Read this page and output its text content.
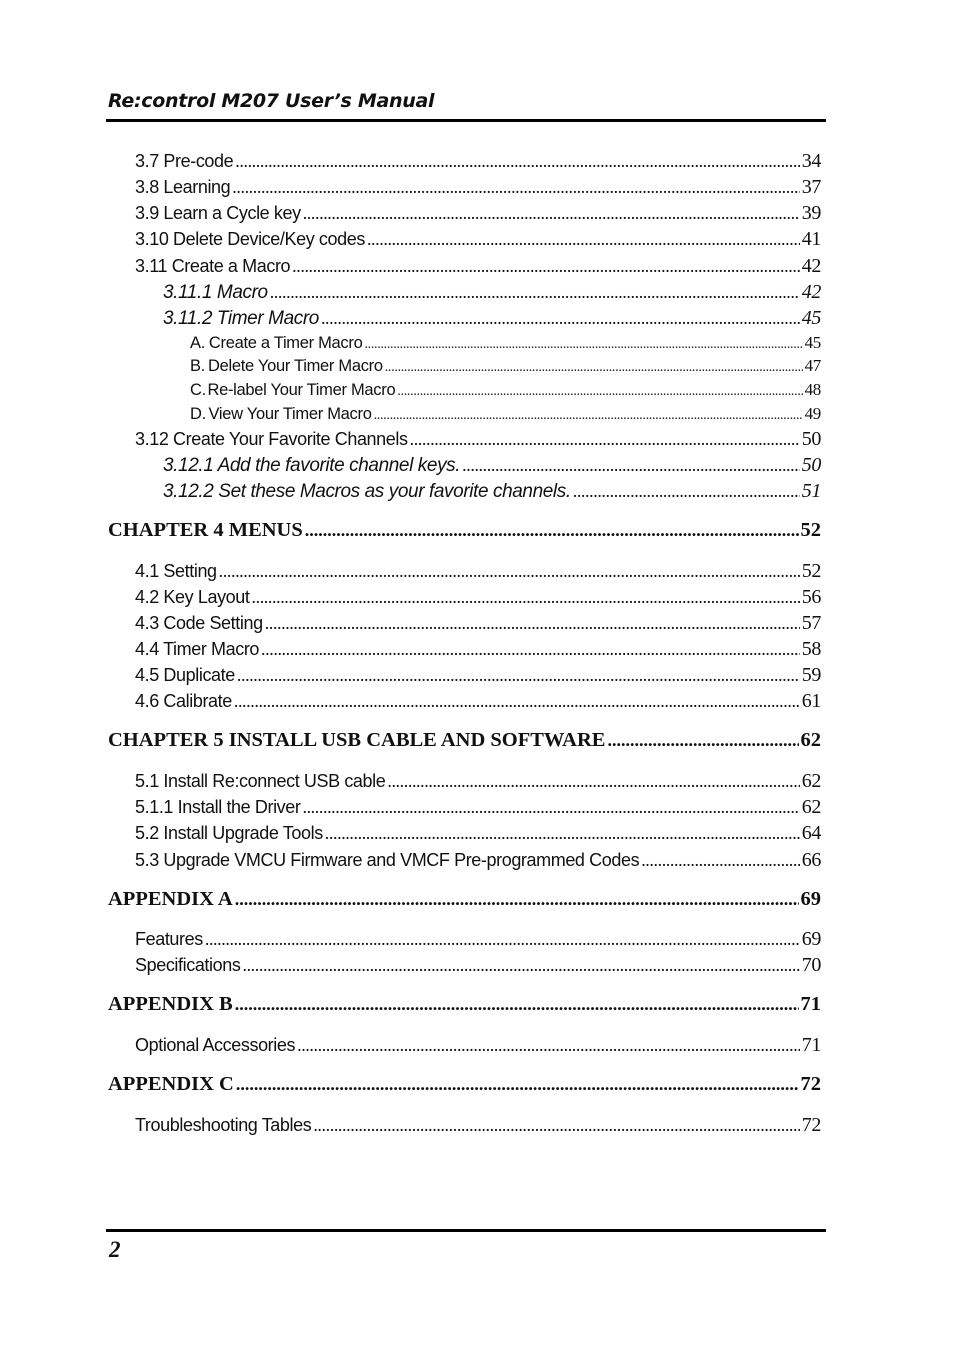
Re:control M207 User’s Manual
3.7 Pre-code .....	34
3.8 Learning .....	37
3.9 Learn a Cycle key .....	39
3.10 Delete Device/Key codes .....	41
3.11 Create a Macro .....	42
3.11.1 Macro .....	42
3.11.2 Timer Macro .....	45
A. Create a Timer Macro .....	45
B. Delete Your Timer Macro .....	47
C. Re-label Your Timer Macro .....	48
D. View Your Timer Macro .....	49
3.12 Create Your Favorite Channels .....	50
3.12.1 Add the favorite channel keys. .....	50
3.12.2 Set these Macros as your favorite channels. .....	51
CHAPTER 4 MENUS .....	52
4.1 Setting .....	52
4.2 Key Layout .....	56
4.3 Code Setting .....	57
4.4 Timer Macro .....	58
4.5 Duplicate .....	59
4.6 Calibrate .....	61
CHAPTER 5 INSTALL USB CABLE AND SOFTWARE .....	62
5.1 Install Re:connect USB cable .....	62
5.1.1 Install the Driver .....	62
5.2 Install Upgrade Tools .....	64
5.3 Upgrade VMCU Firmware and VMCF Pre-programmed Codes .....	66
APPENDIX A .....	69
Features .....	69
Specifications .....	70
APPENDIX B .....	71
Optional Accessories .....	71
APPENDIX C .....	72
Troubleshooting Tables .....	72
2
